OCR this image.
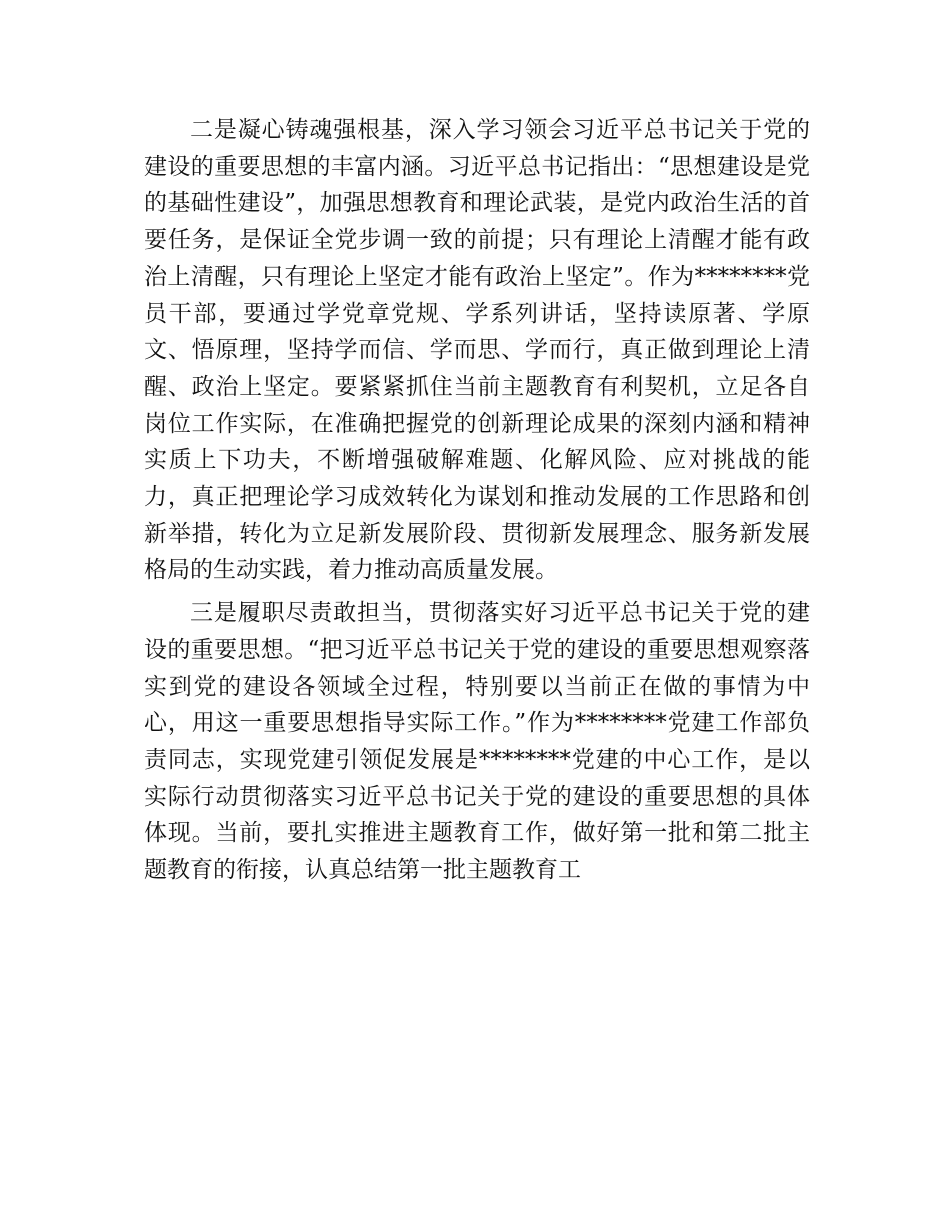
二是凝心铸魂强根基，深入学习领会习近平总书记关于党的建设的重要思想的丰富内涵。习近平总书记指出：“思想建设是党的基础性建设”，加强思想教育和理论武装，是党内政治生活的首要任务，是保证全党步调一致的前提；只有理论上清醒才能有政治上清醒，只有理论上坚定才能有政治上坚定”。作为********党员干部，要通过学党章党规、学系列讲话，坚持读原著、学原文、悟原理，坚持学而信、学而思、学而行，真正做到理论上清醒、政治上坚定。要紧紧抓住当前主题教育有利契机，立足各自岗位工作实际，在准确把握党的创新理论成果的深刻内涵和精神实质上下功夫，不断增强破解难题、化解风险、应对挑战的能力，真正把理论学习成效转化为谋划和推动发展的工作思路和创新举措，转化为立足新发展阶段、贯彻新发展理念、服务新发展格局的生动实践，着力推动高质量发展。

三是履职尽责敢担当，贯彻落实好习近平总书记关于党的建设的重要思想。“把习近平总书记关于党的建设的重要思想观察落实到党的建设各领域全过程，特别要以当前正在做的事情为中心，用这一重要思想指导实际工作。”作为********党建工作部负责同志，实现党建引领促发展是********党建的中心工作，是以实际行动贯彻落实习近平总书记关于党的建设的重要思想的具体体现。当前，要扎实推进主题教育工作，做好第一批和第二批主题教育的衔接，认真总结第一批主题教育工
